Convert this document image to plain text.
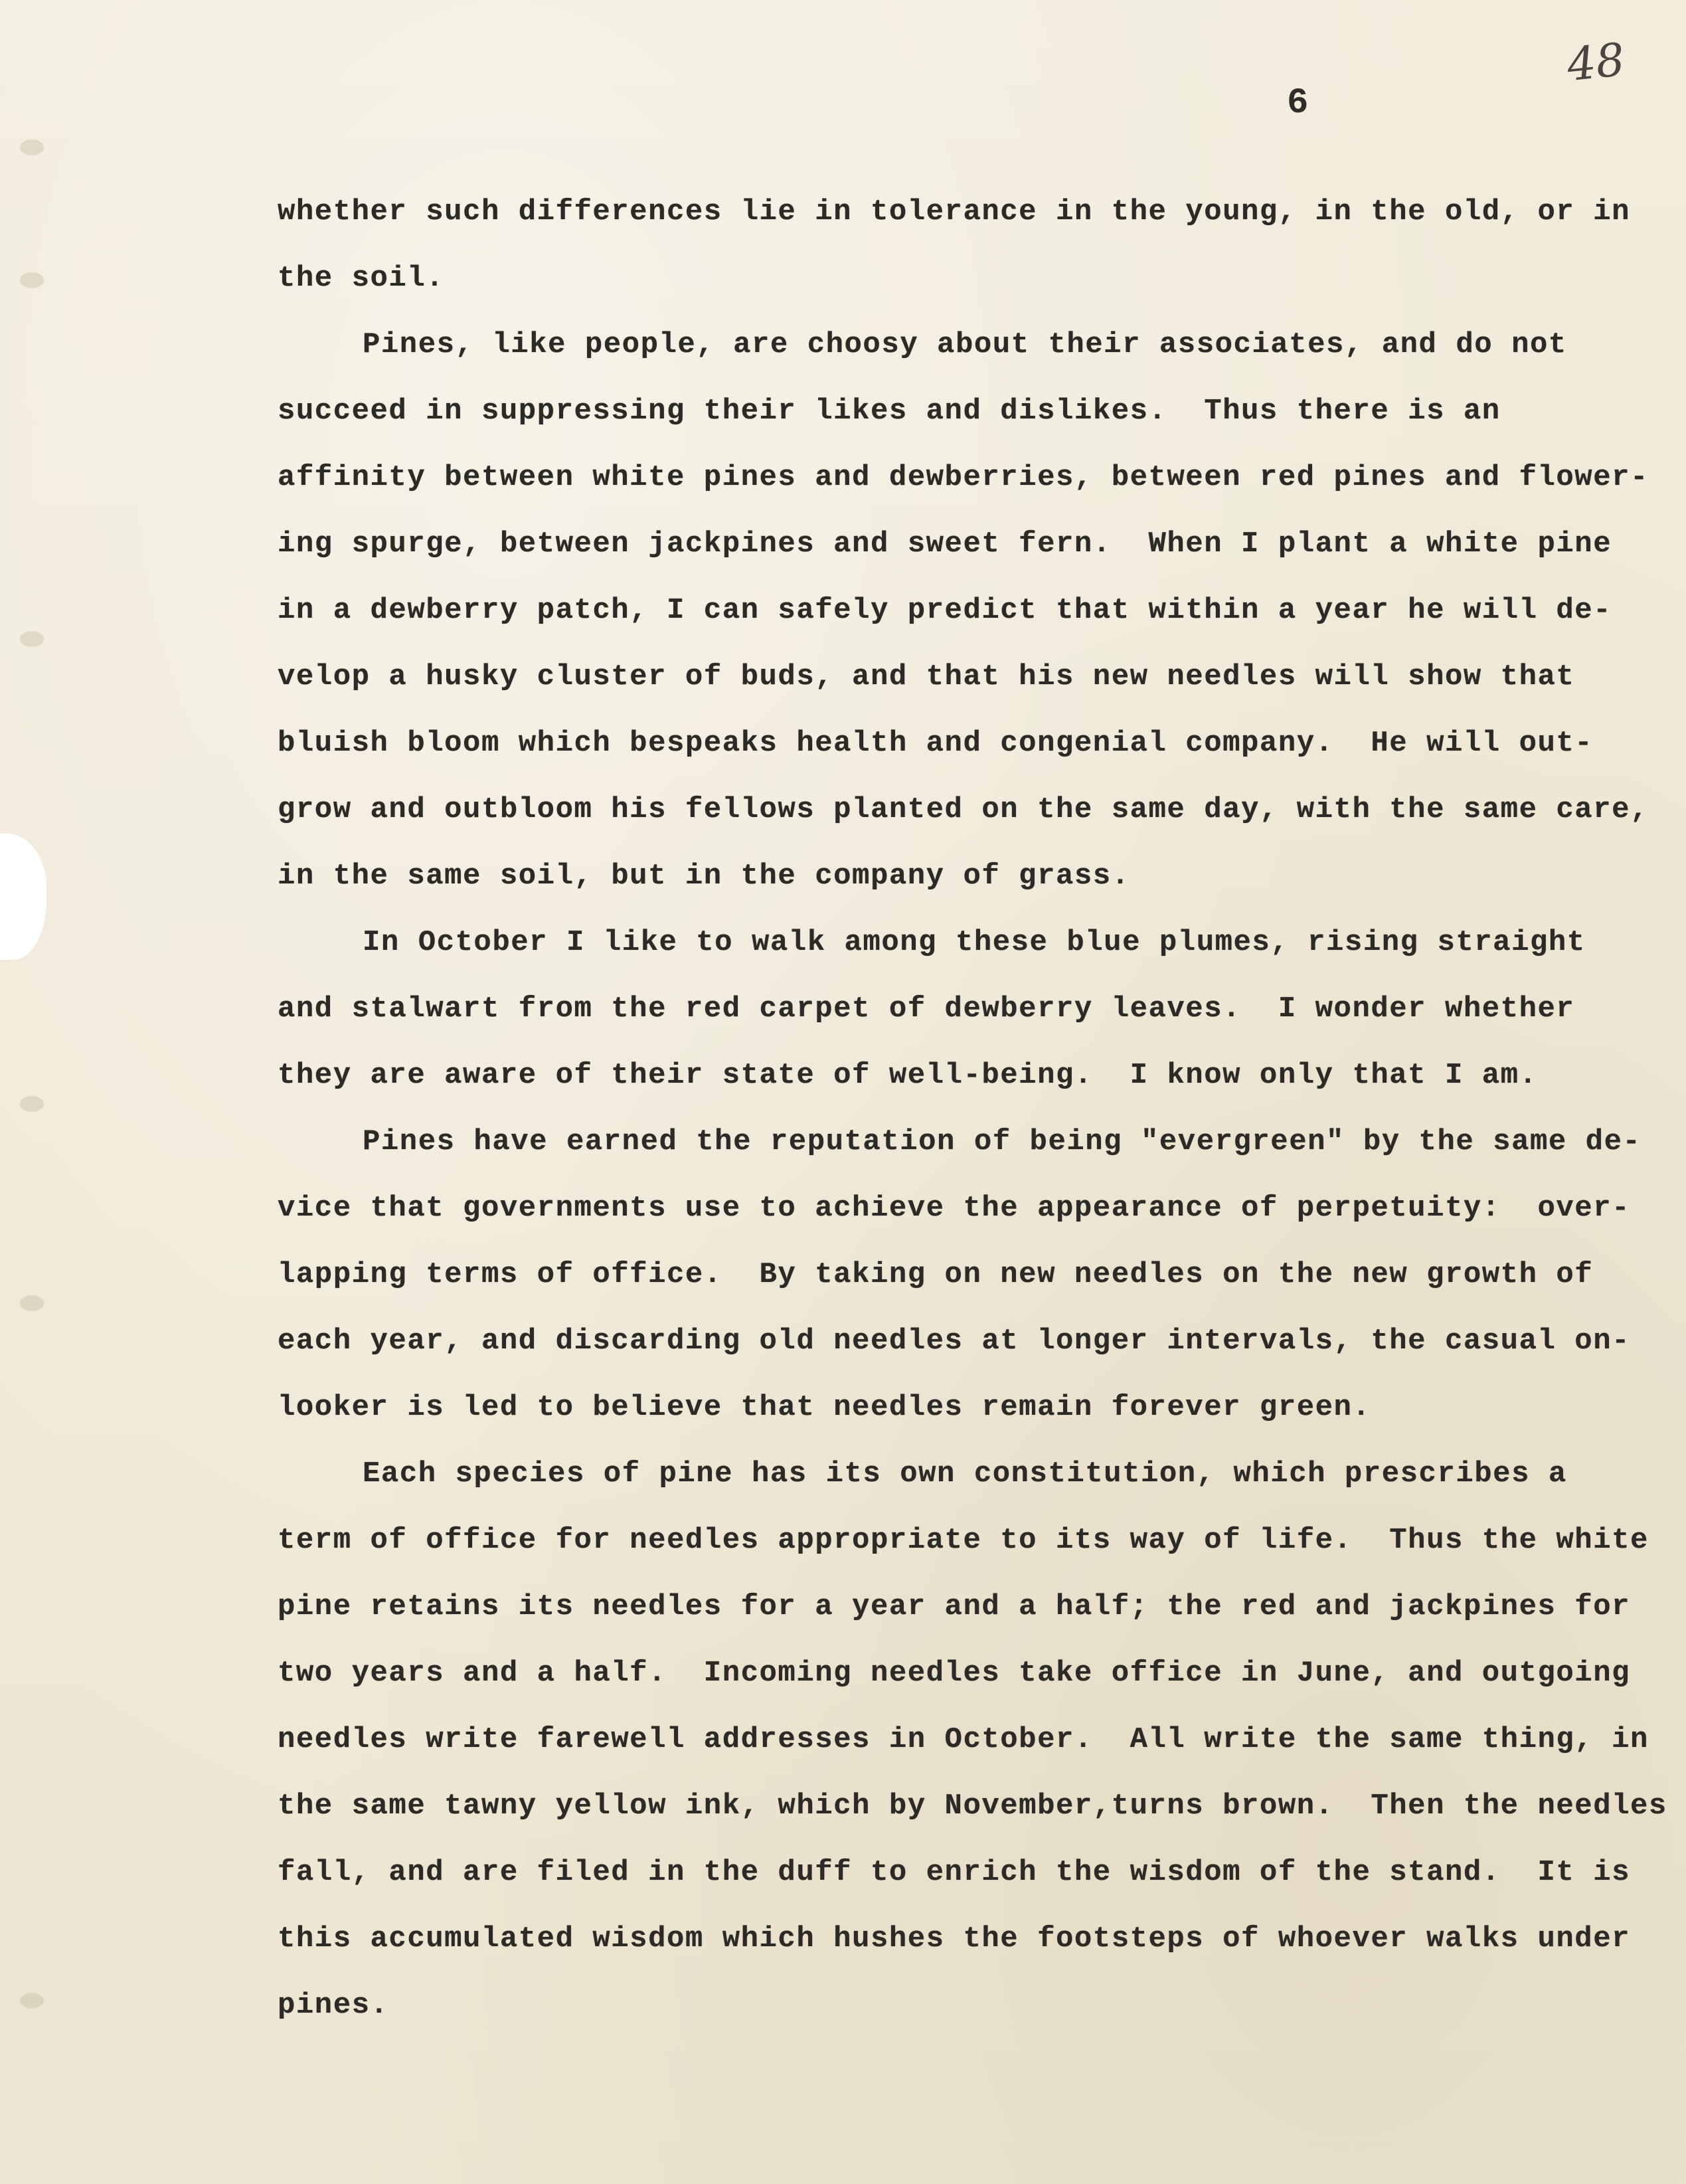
48
6
whether such differences lie in tolerance in the young, in the old, or in
the soil.
Pines, like people, are choosy about their associates, and do not
succeed in suppressing their likes and dislikes.  Thus there is an
affinity between white pines and dewberries, between red pines and flower-
ing spurge, between jackpines and sweet fern.  When I plant a white pine
in a dewberry patch, I can safely predict that within a year he will de-
velop a husky cluster of buds, and that his new needles will show that
bluish bloom which bespeaks health and congenial company.  He will out-
grow and outbloom his fellows planted on the same day, with the same care,
in the same soil, but in the company of grass.
In October I like to walk among these blue plumes, rising straight
and stalwart from the red carpet of dewberry leaves.  I wonder whether
they are aware of their state of well-being.  I know only that I am.
Pines have earned the reputation of being "evergreen" by the same de-
vice that governments use to achieve the appearance of perpetuity:  over-
lapping terms of office.  By taking on new needles on the new growth of
each year, and discarding old needles at longer intervals, the casual on-
looker is led to believe that needles remain forever green.
Each species of pine has its own constitution, which prescribes a
term of office for needles appropriate to its way of life.  Thus the white
pine retains its needles for a year and a half; the red and jackpines for
two years and a half.  Incoming needles take office in June, and outgoing
needles write farewell addresses in October.  All write the same thing, in
the same tawny yellow ink, which by November,turns brown.  Then the needles
fall, and are filed in the duff to enrich the wisdom of the stand.  It is
this accumulated wisdom which hushes the footsteps of whoever walks under
pines.
